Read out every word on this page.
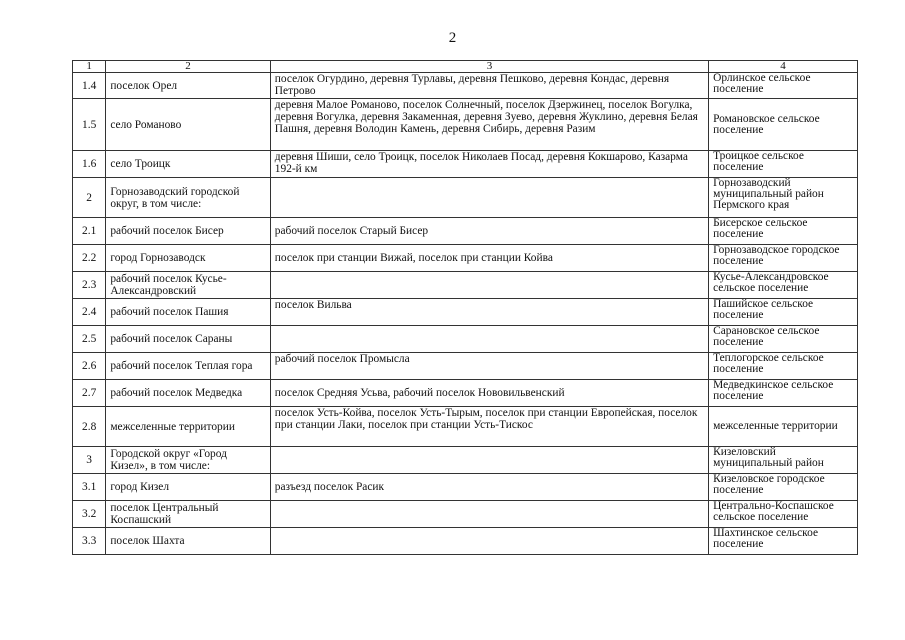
2
1	2	3	4
1.4	поселок Орел	поселок Огурдино, деревня Турлавы, деревня Пешково, деревня Кондас, деревня Петрово	Орлинское сельское поселение
1.5	село Романово	деревня Малое Романово, поселок Солнечный, поселок Дзержинец, поселок Вогулка, деревня Вогулка, деревня Закаменная, деревня Зуево, деревня Жуклино, деревня Белая Пашня, деревня Володин Камень, деревня Сибирь, деревня Разим	Романовское сельское поселение
1.6	село Троицк	деревня Шиши, село Троицк, поселок Николаев Посад, деревня Кокшарово, Казарма 192-й км	Троицкое сельское поселение
2	Горнозаводский городской округ, в том числе:		Горнозаводский муниципальный район Пермского края
2.1	рабочий поселок Бисер	рабочий поселок Старый Бисер	Бисерское сельское поселение
2.2	город Горнозаводск	поселок при станции Вижай, поселок при станции Койва	Горнозаводское городское поселение
2.3	рабочий поселок Кусье-Александровский		Кусье-Александровское сельское поселение
2.4	рабочий поселок Пашия	поселок Вильва	Пашийское сельское поселение
2.5	рабочий поселок Сараны		Сарановское сельское поселение
2.6	рабочий поселок Теплая гора	рабочий поселок Промысла	Теплогорское сельское поселение
2.7	рабочий поселок Медведка	поселок Средняя Усьва, рабочий поселок Нововильвенский	Медведкинское сельское поселение
2.8	межселенные территории	поселок Усть-Койва, поселок Усть-Тырым, поселок при станции Европейская, поселок при станции Лаки, поселок при станции Усть-Тискос	межселенные территории
3	Городской округ «Город Кизел», в том числе:		Кизеловский муниципальный район
3.1	город Кизел	разъезд поселок Расик	Кизеловское городское поселение
3.2	поселок Центральный Коспашский		Центрально-Коспашское сельское поселение
3.3	поселок Шахта		Шахтинское сельское поселение
